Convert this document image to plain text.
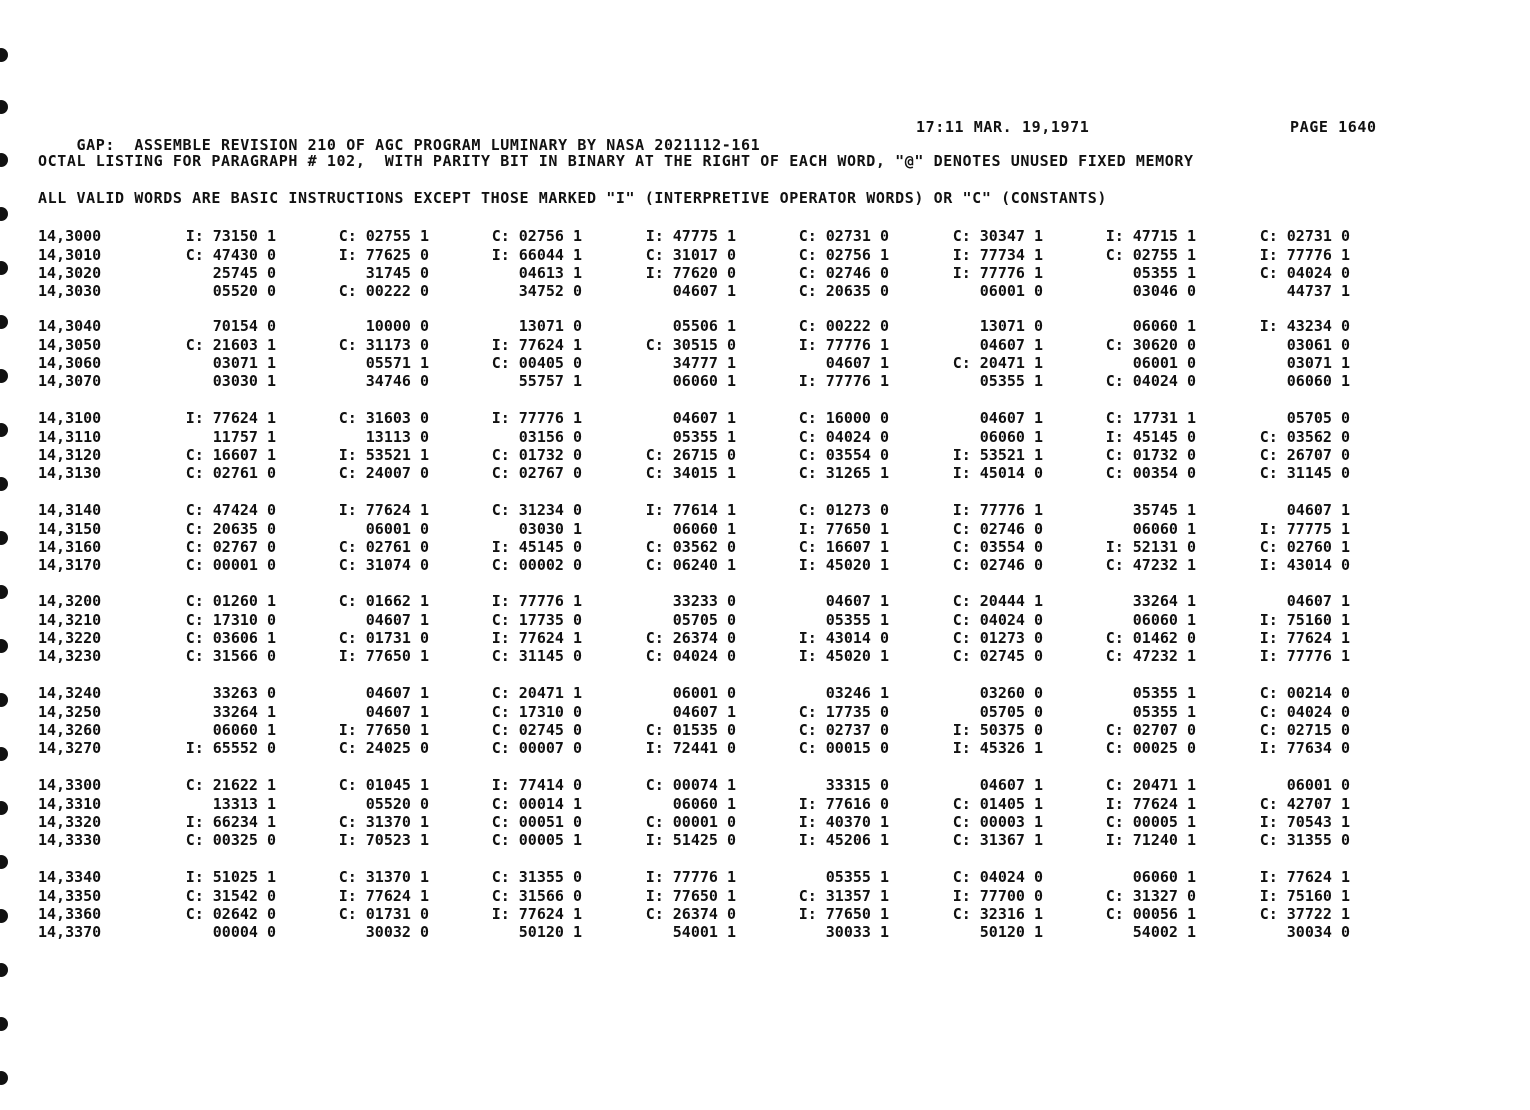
GAP:  ASSEMBLE REVISION 210 OF AGC PROGRAM LUMINARY BY NASA 2021112-161

17:11 MAR. 19,1971

	PAGE 1640

OCTAL LISTING FOR PARAGRAPH # 102,  WITH PARITY BIT IN BINARY AT THE RIGHT OF EACH WORD, "@" DENOTES UNUSED FIXED MEMORY
ALL VALID WORDS ARE BASIC INSTRUCTIONS EXCEPT THOSE MARKED "I" (INTERPRETIVE OPERATOR WORDS) OR "C" (CONSTANTS)
14,3000	I: 73150 1	C: 02755 1	C: 02756 1	I: 47775 1	C: 02731 0	C: 30347 1	I: 47715 1	C: 02731 0
14,3010	C: 47430 0	I: 77625 0	I: 66044 1	C: 31017 0	C: 02756 1	I: 77734 1	C: 02755 1	I: 77776 1
14,3020	25745 0	31745 0	04613 1	I: 77620 0	C: 02746 0	I: 77776 1	05355 1	C: 04024 0
14,3030	05520 0	C: 00222 0	34752 0	04607 1	C: 20635 0	06001 0	03046 0	44737 1
14,3040	70154 0	10000 0	13071 0	05506 1	C: 00222 0	13071 0	06060 1	I: 43234 0
14,3050	C: 21603 1	C: 31173 0	I: 77624 1	C: 30515 0	I: 77776 1	04607 1	C: 30620 0	03061 0
14,3060	03071 1	05571 1	C: 00405 0	34777 1	04607 1	C: 20471 1	06001 0	03071 1
14,3070	03030 1	34746 0	55757 1	06060 1	I: 77776 1	05355 1	C: 04024 0	06060 1
14,3100	I: 77624 1	C: 31603 0	I: 77776 1	04607 1	C: 16000 0	04607 1	C: 17731 1	05705 0
14,3110	11757 1	13113 0	03156 0	05355 1	C: 04024 0	06060 1	I: 45145 0	C: 03562 0
14,3120	C: 16607 1	I: 53521 1	C: 01732 0	C: 26715 0	C: 03554 0	I: 53521 1	C: 01732 0	C: 26707 0
14,3130	C: 02761 0	C: 24007 0	C: 02767 0	C: 34015 1	C: 31265 1	I: 45014 0	C: 00354 0	C: 31145 0
14,3140	C: 47424 0	I: 77624 1	C: 31234 0	I: 77614 1	C: 01273 0	I: 77776 1	35745 1	04607 1
14,3150	C: 20635 0	06001 0	03030 1	06060 1	I: 77650 1	C: 02746 0	06060 1	I: 77775 1
14,3160	C: 02767 0	C: 02761 0	I: 45145 0	C: 03562 0	C: 16607 1	C: 03554 0	I: 52131 0	C: 02760 1
14,3170	C: 00001 0	C: 31074 0	C: 00002 0	C: 06240 1	I: 45020 1	C: 02746 0	C: 47232 1	I: 43014 0
14,3200	C: 01260 1	C: 01662 1	I: 77776 1	33233 0	04607 1	C: 20444 1	33264 1	04607 1
14,3210	C: 17310 0	04607 1	C: 17735 0	05705 0	05355 1	C: 04024 0	06060 1	I: 75160 1
14,3220	C: 03606 1	C: 01731 0	I: 77624 1	C: 26374 0	I: 43014 0	C: 01273 0	C: 01462 0	I: 77624 1
14,3230	C: 31566 0	I: 77650 1	C: 31145 0	C: 04024 0	I: 45020 1	C: 02745 0	C: 47232 1	I: 77776 1
14,3240	33263 0	04607 1	C: 20471 1	06001 0	03246 1	03260 0	05355 1	C: 00214 0
14,3250	33264 1	04607 1	C: 17310 0	04607 1	C: 17735 0	05705 0	05355 1	C: 04024 0
14,3260	06060 1	I: 77650 1	C: 02745 0	C: 01535 0	C: 02737 0	I: 50375 0	C: 02707 0	C: 02715 0
14,3270	I: 65552 0	C: 24025 0	C: 00007 0	I: 72441 0	C: 00015 0	I: 45326 1	C: 00025 0	I: 77634 0
14,3300	C: 21622 1	C: 01045 1	I: 77414 0	C: 00074 1	33315 0	04607 1	C: 20471 1	06001 0
14,3310	13313 1	05520 0	C: 00014 1	06060 1	I: 77616 0	C: 01405 1	I: 77624 1	C: 42707 1
14,3320	I: 66234 1	C: 31370 1	C: 00051 0	C: 00001 0	I: 40370 1	C: 00003 1	C: 00005 1	I: 70543 1
14,3330	C: 00325 0	I: 70523 1	C: 00005 1	I: 51425 0	I: 45206 1	C: 31367 1	I: 71240 1	C: 31355 0
14,3340	I: 51025 1	C: 31370 1	C: 31355 0	I: 77776 1	05355 1	C: 04024 0	06060 1	I: 77624 1
14,3350	C: 31542 0	I: 77624 1	C: 31566 0	I: 77650 1	C: 31357 1	I: 77700 0	C: 31327 0	I: 75160 1
14,3360	C: 02642 0	C: 01731 0	I: 77624 1	C: 26374 0	I: 77650 1	C: 32316 1	C: 00056 1	C: 37722 1
14,3370	00004 0	30032 0	50120 1	54001 1	30033 1	50120 1	54002 1	30034 0
